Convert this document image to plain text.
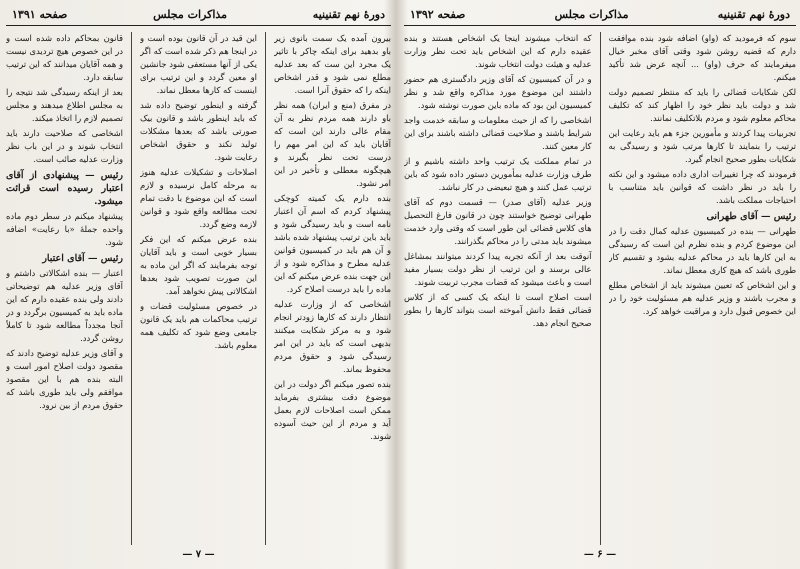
دورهٔ نهم تقنینیه
مذاکرات مجلس
صفحه ۱۳۹۱

بیرون آمده یک سمت بانوی زیر باو بدهید برای اینکه چاکر با تاثیر یک مجرد این ست که بعد عدلیه مطلع نمی شود و قدر اشخاص اینکه را که حقوق آنرا است.

در مفرق (منع و ایران) همه نظر باو دارند همه مردم نظر به آن مقام عالی دارند این است که آقایان باید که این امر مهم را درست تحت نظر بگیرند و هیچگونه معطلی و تأخیر در این امر نشود.

بنده دارم یک کمیته کوچکی پیشنهاد کردم که اسم آن اعتبار نامه است و باید رسیدگی شود و باید باین ترتیب پیشنهاد شده باشد و آن هم باید در کمیسیون قوانین عدلیه مطرح و مذاکره شود و از این جهت بنده عرض میکنم که این ماده را باید درست اصلاح کرد.

اشخاصی که از وزارت عدلیه انتظار دارند که کارها زودتر انجام شود و به مرکز شکایت میکنند بدیهی است که باید در این امر رسیدگی شود و حقوق مردم محفوظ بماند.

بنده تصور میکنم اگر دولت در این موضوع دقت بیشتری بفرماید ممکن است اصلاحات لازم بعمل آید و مردم از این حیث آسوده شوند.

این قید در آن قانون بوده است و در اینجا هم ذکر شده است که اگر یکی از آنها مستعفی شود جانشین او معین گردد و این ترتیب برای اینست که کارها معطل نماند.

گرفته و اینطور توضیح داده شد که باید اینطور باشد و قانون بیک صورتی باشد که بعدها مشکلات تولید نکند و حقوق اشخاص رعایت شود.

اصلاحات و تشکیلات عدلیه هنوز به مرحله کامل نرسیده و لازم است که این موضوع با دقت تمام تحت مطالعه واقع شود و قوانین لازمه وضع گردد.

بنده عرض میکنم که این فکر بسیار خوبی است و باید آقایان توجه بفرمایند که اگر این ماده به این صورت تصویب شود بعدها اشکالاتی پیش نخواهد آمد.

در خصوص مسئولیت قضات و ترتیب محاکمات هم باید یک قانون جامعی وضع شود که تکلیف همه معلوم باشد.

قانون بمحاکم داده شده است و در این خصوص هیچ تردیدی نیست و همه آقایان میدانند که این ترتیب سابقه دارد.

بعد از اینکه رسیدگی شد نتیجه را به مجلس اطلاع میدهند و مجلس تصمیم لازم را اتخاذ میکند.

اشخاصی که صلاحیت دارند باید انتخاب شوند و در این باب نظر وزارت عدلیه صائب است.

رئیس — پیشنهادی از آقای اعتبار رسیده است قرائت میشود.

پیشنهاد میکنم در سطر دوم ماده واحده جملهٔ «با رعایت» اضافه شود.

رئیس — آقای اعتبار

اعتبار — بنده اشکالاتی داشتم و آقای وزیر عدلیه هم توضیحاتی دادند ولی بنده عقیده دارم که این ماده باید به کمیسیون برگردد و در آنجا مجدداً مطالعه شود تا کاملاً روشن گردد.

و آقای وزیر عدلیه توضیح دادند که مقصود دولت اصلاح امور است و البته بنده هم با این مقصود موافقم ولی باید طوری باشد که حقوق مردم از بین نرود.

— ۷ —
دورهٔ نهم تقنینیه
مذاکرات مجلس
صفحه ۱۳۹۲

سوم که فرمودید که (واو) اضافه شود بنده موافقت دارم که قضیه روشن شود وقتی آقای مخبر خیال میفرمایند که حرف (واو) ... آنچه عرض شد تأکید میکنم.

لکن شکایات قضائی را باید که منتظر تصمیم دولت شد و دولت باید نظر خود را اظهار کند که تکلیف محاکم معلوم شود و مردم بلاتکلیف نمانند.

تجربیات پیدا کردند و مأمورین جزء هم باید رعایت این ترتیب را بنمایند تا کارها مرتب شود و رسیدگی به شکایات بطور صحیح انجام گیرد.

فرمودند که چرا تغییرات اداری داده میشود و این نکته را باید در نظر داشت که قوانین باید متناسب با احتیاجات مملکت باشد.

رئیس — آقای طهرانی

طهرانی — بنده در کمیسیون عدلیه کمال دقت را در این موضوع کردم و بنده نظرم این است که رسیدگی به این کارها باید در محاکم عدلیه بشود و تقسیم کار طوری باشد که هیچ کاری معطل نماند.

و این اشخاص که تعیین میشوند باید از اشخاص مطلع و مجرب باشند و وزیر عدلیه هم مسئولیت خود را در این خصوص قبول دارد و مراقبت خواهد کرد.

که انتخاب میشوند اینجا یک اشخاص هستند و بنده عقیده دارم که این اشخاص باید تحت نظر وزارت عدلیه و هیئت دولت انتخاب شوند.

و در آن کمیسیون که آقای وزیر دادگستری هم حضور داشتند این موضوع مورد مذاکره واقع شد و نظر کمیسیون این بود که ماده باین صورت نوشته شود.

اشخاصی را که از حیث معلومات و سابقه خدمت واجد شرایط باشند و صلاحیت قضائی داشته باشند برای این کار معین کنند.

در تمام مملکت یک ترتیب واحد داشته باشیم و از طرف وزارت عدلیه بمأمورین دستور داده شود که باین ترتیب عمل کنند و هیچ تبعیضی در کار نباشد.

وزیر عدلیه (آقای صدر) — قسمت دوم که آقای طهرانی توضیح خواستند چون در قانون فارغ التحصیل های کلاس قضائی این طور است که وقتی وارد خدمت میشوند باید مدتی را در محاکم بگذرانند.

آنوقت بعد از آنکه تجربه پیدا کردند میتوانند بمشاغل عالی برسند و این ترتیب از نظر دولت بسیار مفید است و باعث میشود که قضات مجرب تربیت شوند.

است اصلاح است تا اینکه یک کسی که از کلاس قضائی فقط دانش آموخته است بتواند کارها را بطور صحیح انجام دهد.

— ۶ —
